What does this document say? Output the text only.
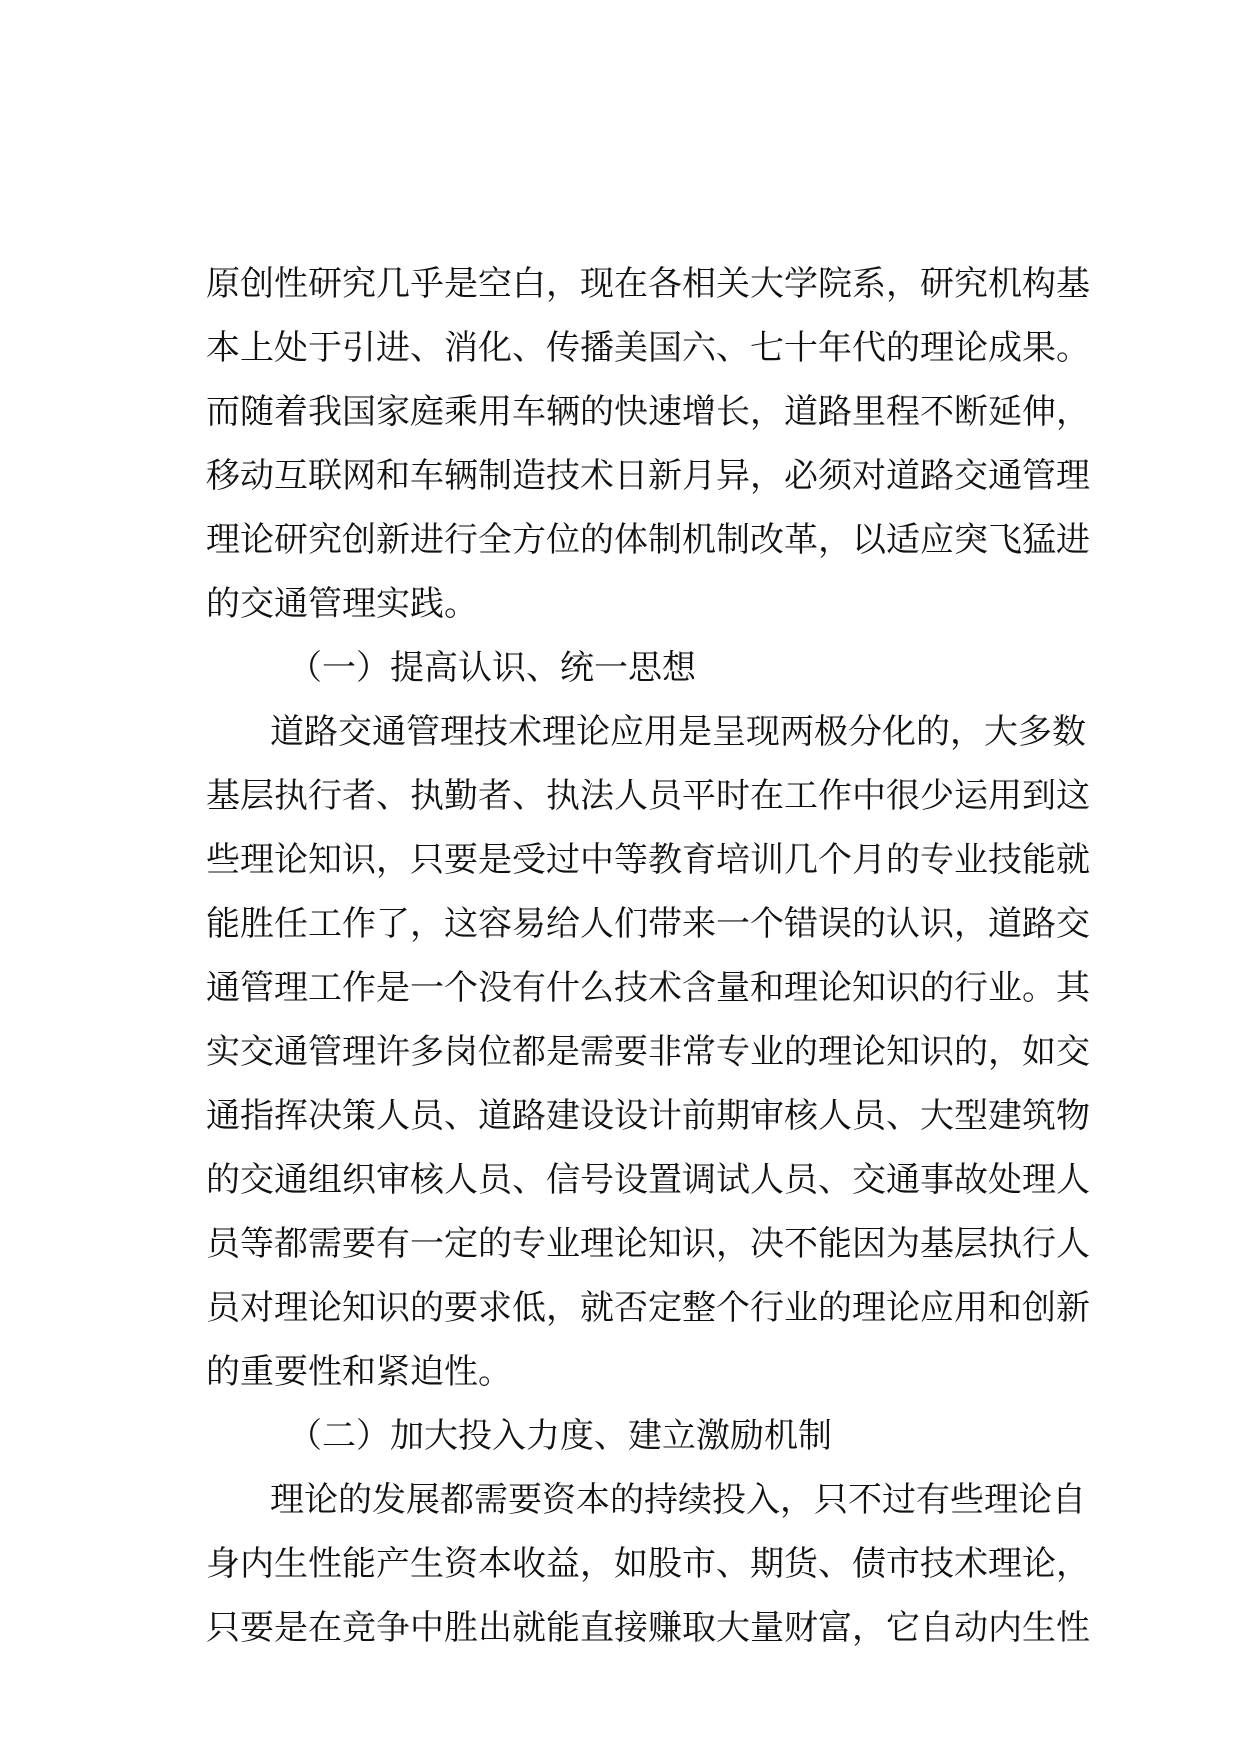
原创性研究几乎是空白，现在各相关大学院系，研究机构基
本上处于引进、消化、传播美国六、七十年代的理论成果。
而随着我国家庭乘用车辆的快速增长，道路里程不断延伸，
移动互联网和车辆制造技术日新月异，必须对道路交通管理
理论研究创新进行全方位的体制机制改革，以适应突飞猛进
的交通管理实践。
（一）提高认识、统一思想
道路交通管理技术理论应用是呈现两极分化的，大多数
基层执行者、执勤者、执法人员平时在工作中很少运用到这
些理论知识，只要是受过中等教育培训几个月的专业技能就
能胜任工作了，这容易给人们带来一个错误的认识，道路交
通管理工作是一个没有什么技术含量和理论知识的行业。其
实交通管理许多岗位都是需要非常专业的理论知识的，如交
通指挥决策人员、道路建设设计前期审核人员、大型建筑物
的交通组织审核人员、信号设置调试人员、交通事故处理人
员等都需要有一定的专业理论知识，决不能因为基层执行人
员对理论知识的要求低，就否定整个行业的理论应用和创新
的重要性和紧迫性。
（二）加大投入力度、建立激励机制
理论的发展都需要资本的持续投入，只不过有些理论自
身内生性能产生资本收益，如股市、期货、债市技术理论，
只要是在竞争中胜出就能直接赚取大量财富，它自动内生性
